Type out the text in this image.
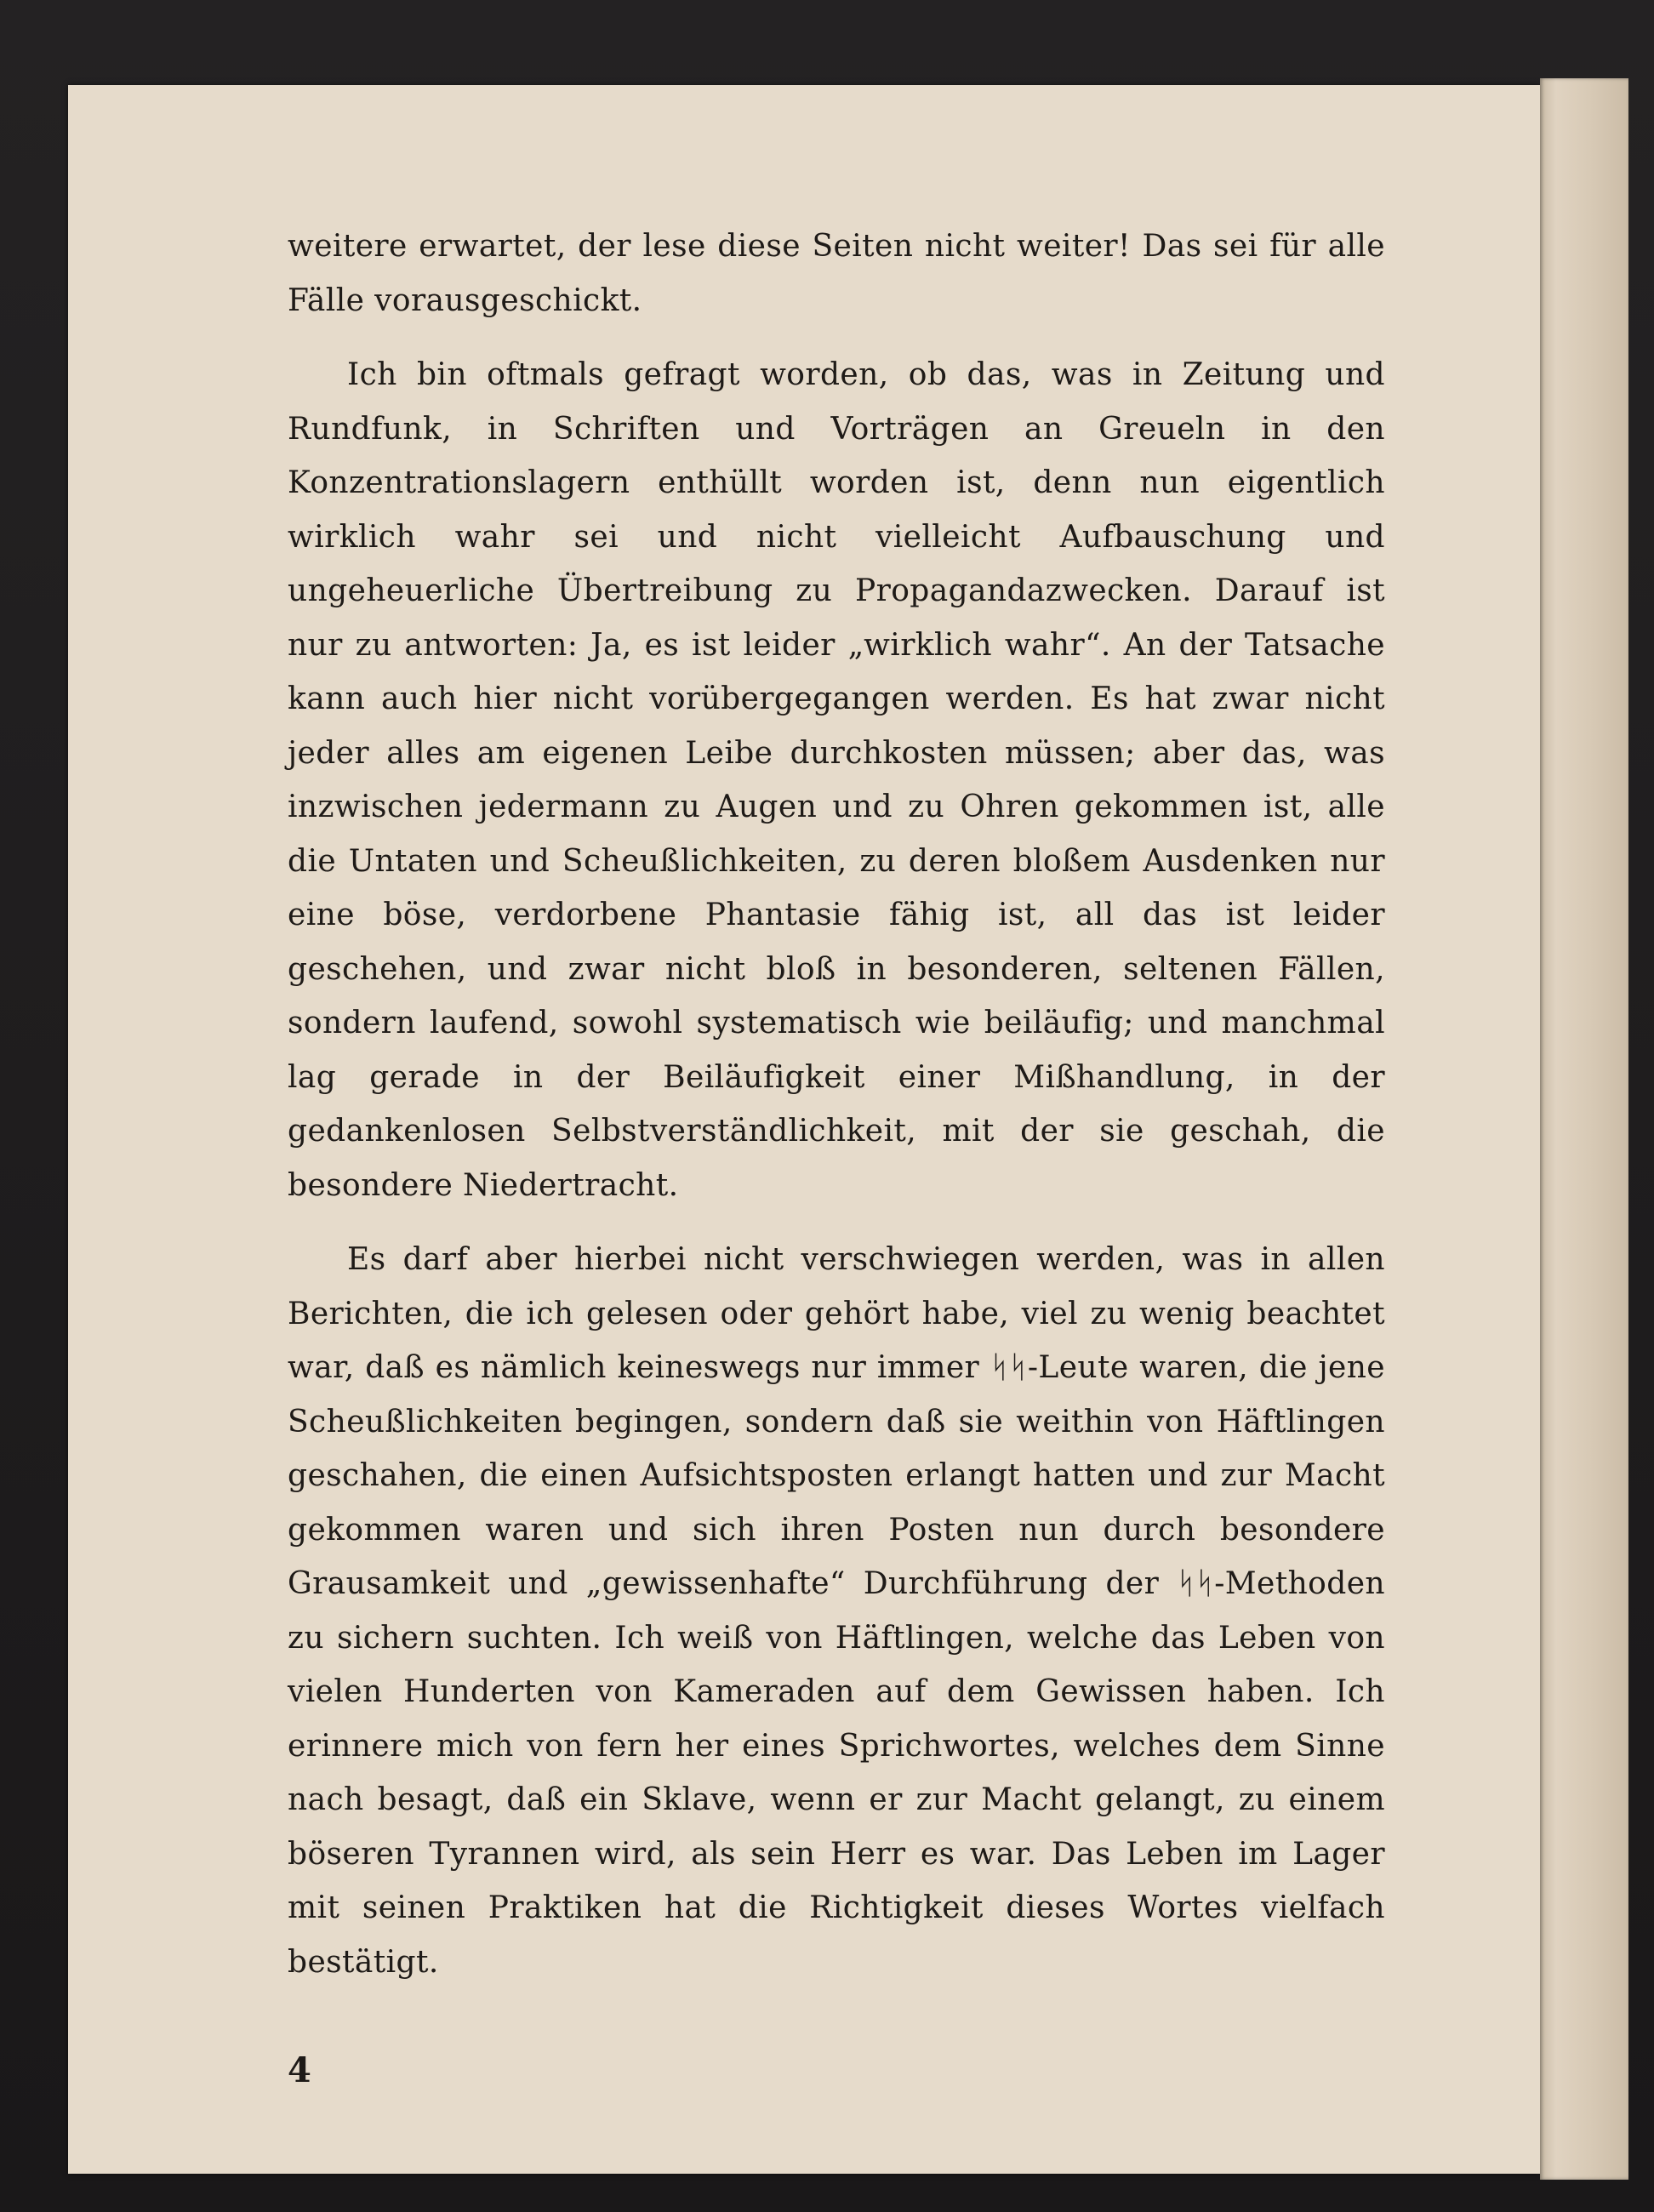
weitere erwartet, der lese diese Seiten nicht weiter! Das sei für alle Fälle vorausgeschickt.

Ich bin oftmals gefragt worden, ob das, was in Zeitung und Rundfunk, in Schriften und Vorträgen an Greueln in den Konzentrationslagern enthüllt worden ist, denn nun eigentlich wirklich wahr sei und nicht vielleicht Aufbauschung und ungeheuerliche Übertreibung zu Propagandazwecken. Darauf ist nur zu antworten: Ja, es ist leider „wirklich wahr“. An der Tatsache kann auch hier nicht vorübergegangen werden. Es hat zwar nicht jeder alles am eigenen Leibe durchkosten müssen; aber das, was inzwischen jedermann zu Augen und zu Ohren gekommen ist, alle die Untaten und Scheußlichkeiten, zu deren bloßem Ausdenken nur eine böse, verdorbene Phantasie fähig ist, all das ist leider geschehen, und zwar nicht bloß in besonderen, seltenen Fällen, sondern laufend, sowohl systematisch wie beiläufig; und manchmal lag gerade in der Beiläufigkeit einer Mißhandlung, in der gedankenlosen Selbstverständlichkeit, mit der sie geschah, die besondere Niedertracht.

Es darf aber hierbei nicht verschwiegen werden, was in allen Berichten, die ich gelesen oder gehört habe, viel zu wenig beachtet war, daß es nämlich keineswegs nur immer ᛋᛋ-Leute waren, die jene Scheußlichkeiten begingen, sondern daß sie weithin von Häftlingen geschahen, die einen Aufsichtsposten erlangt hatten und zur Macht gekommen waren und sich ihren Posten nun durch besondere Grausamkeit und „gewissenhafte“ Durchführung der ᛋᛋ-Methoden zu sichern suchten. Ich weiß von Häftlingen, welche das Leben von vielen Hunderten von Kameraden auf dem Gewissen haben. Ich erinnere mich von fern her eines Sprichwortes, welches dem Sinne nach besagt, daß ein Sklave, wenn er zur Macht gelangt, zu einem böseren Tyrannen wird, als sein Herr es war. Das Leben im Lager mit seinen Praktiken hat die Richtigkeit dieses Wortes vielfach bestätigt.

4
